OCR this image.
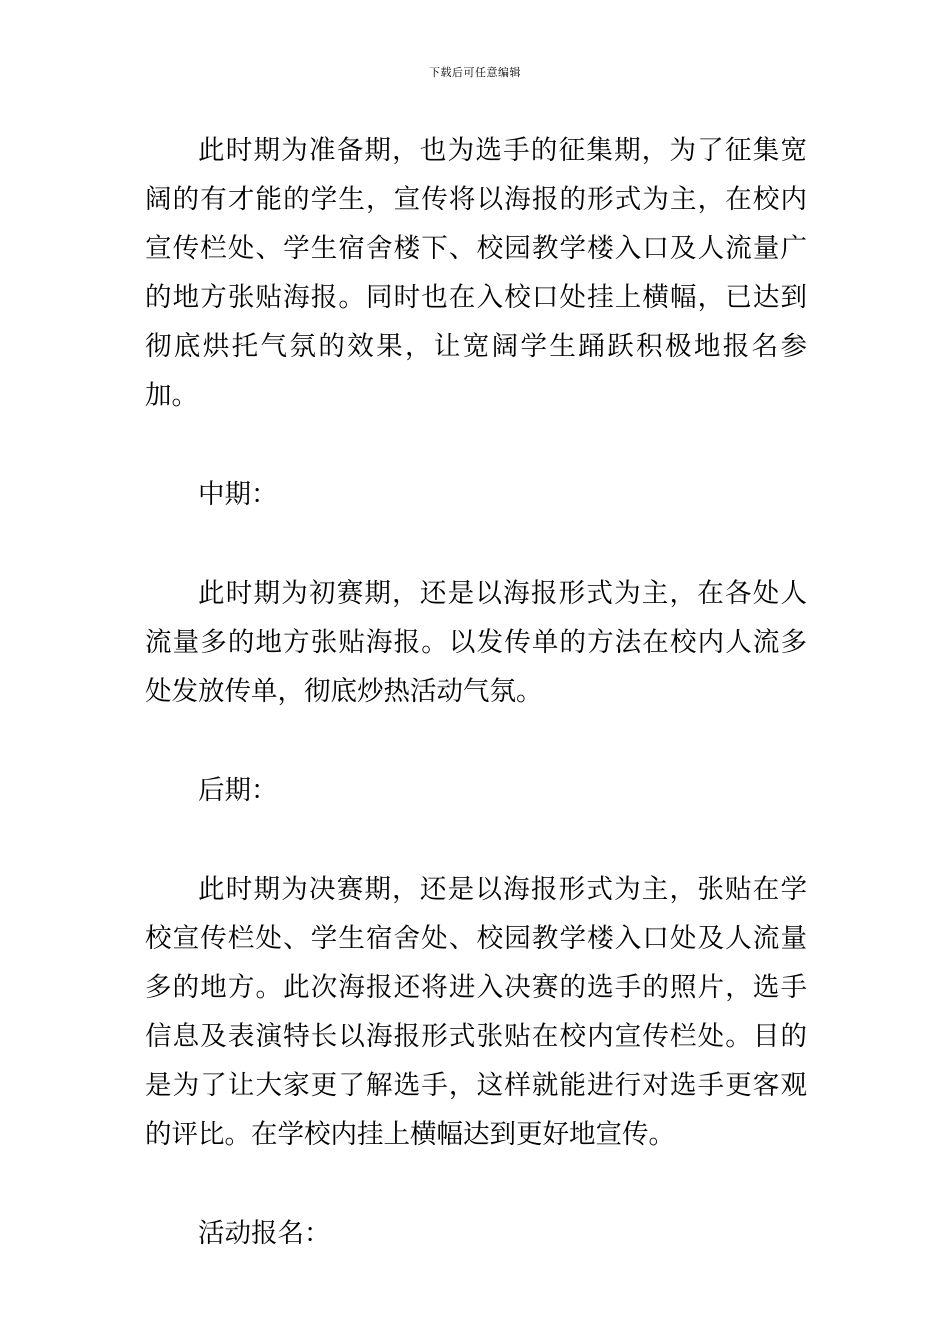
下载后可任意编辑

此时期为准备期，也为选手的征集期，为了征集宽阔的有才能的学生，宣传将以海报的形式为主，在校内宣传栏处、学生宿舍楼下、校园教学楼入口及人流量广的地方张贴海报。同时也在入校口处挂上横幅，已达到彻底烘托气氛的效果，让宽阔学生踊跃积极地报名参加。

中期：

此时期为初赛期，还是以海报形式为主，在各处人流量多的地方张贴海报。以发传单的方法在校内人流多处发放传单，彻底炒热活动气氛。

后期：

此时期为决赛期，还是以海报形式为主，张贴在学校宣传栏处、学生宿舍处、校园教学楼入口处及人流量多的地方。此次海报还将进入决赛的选手的照片，选手信息及表演特长以海报形式张贴在校内宣传栏处。目的是为了让大家更了解选手，这样就能进行对选手更客观的评比。在学校内挂上横幅达到更好地宣传。

活动报名：
